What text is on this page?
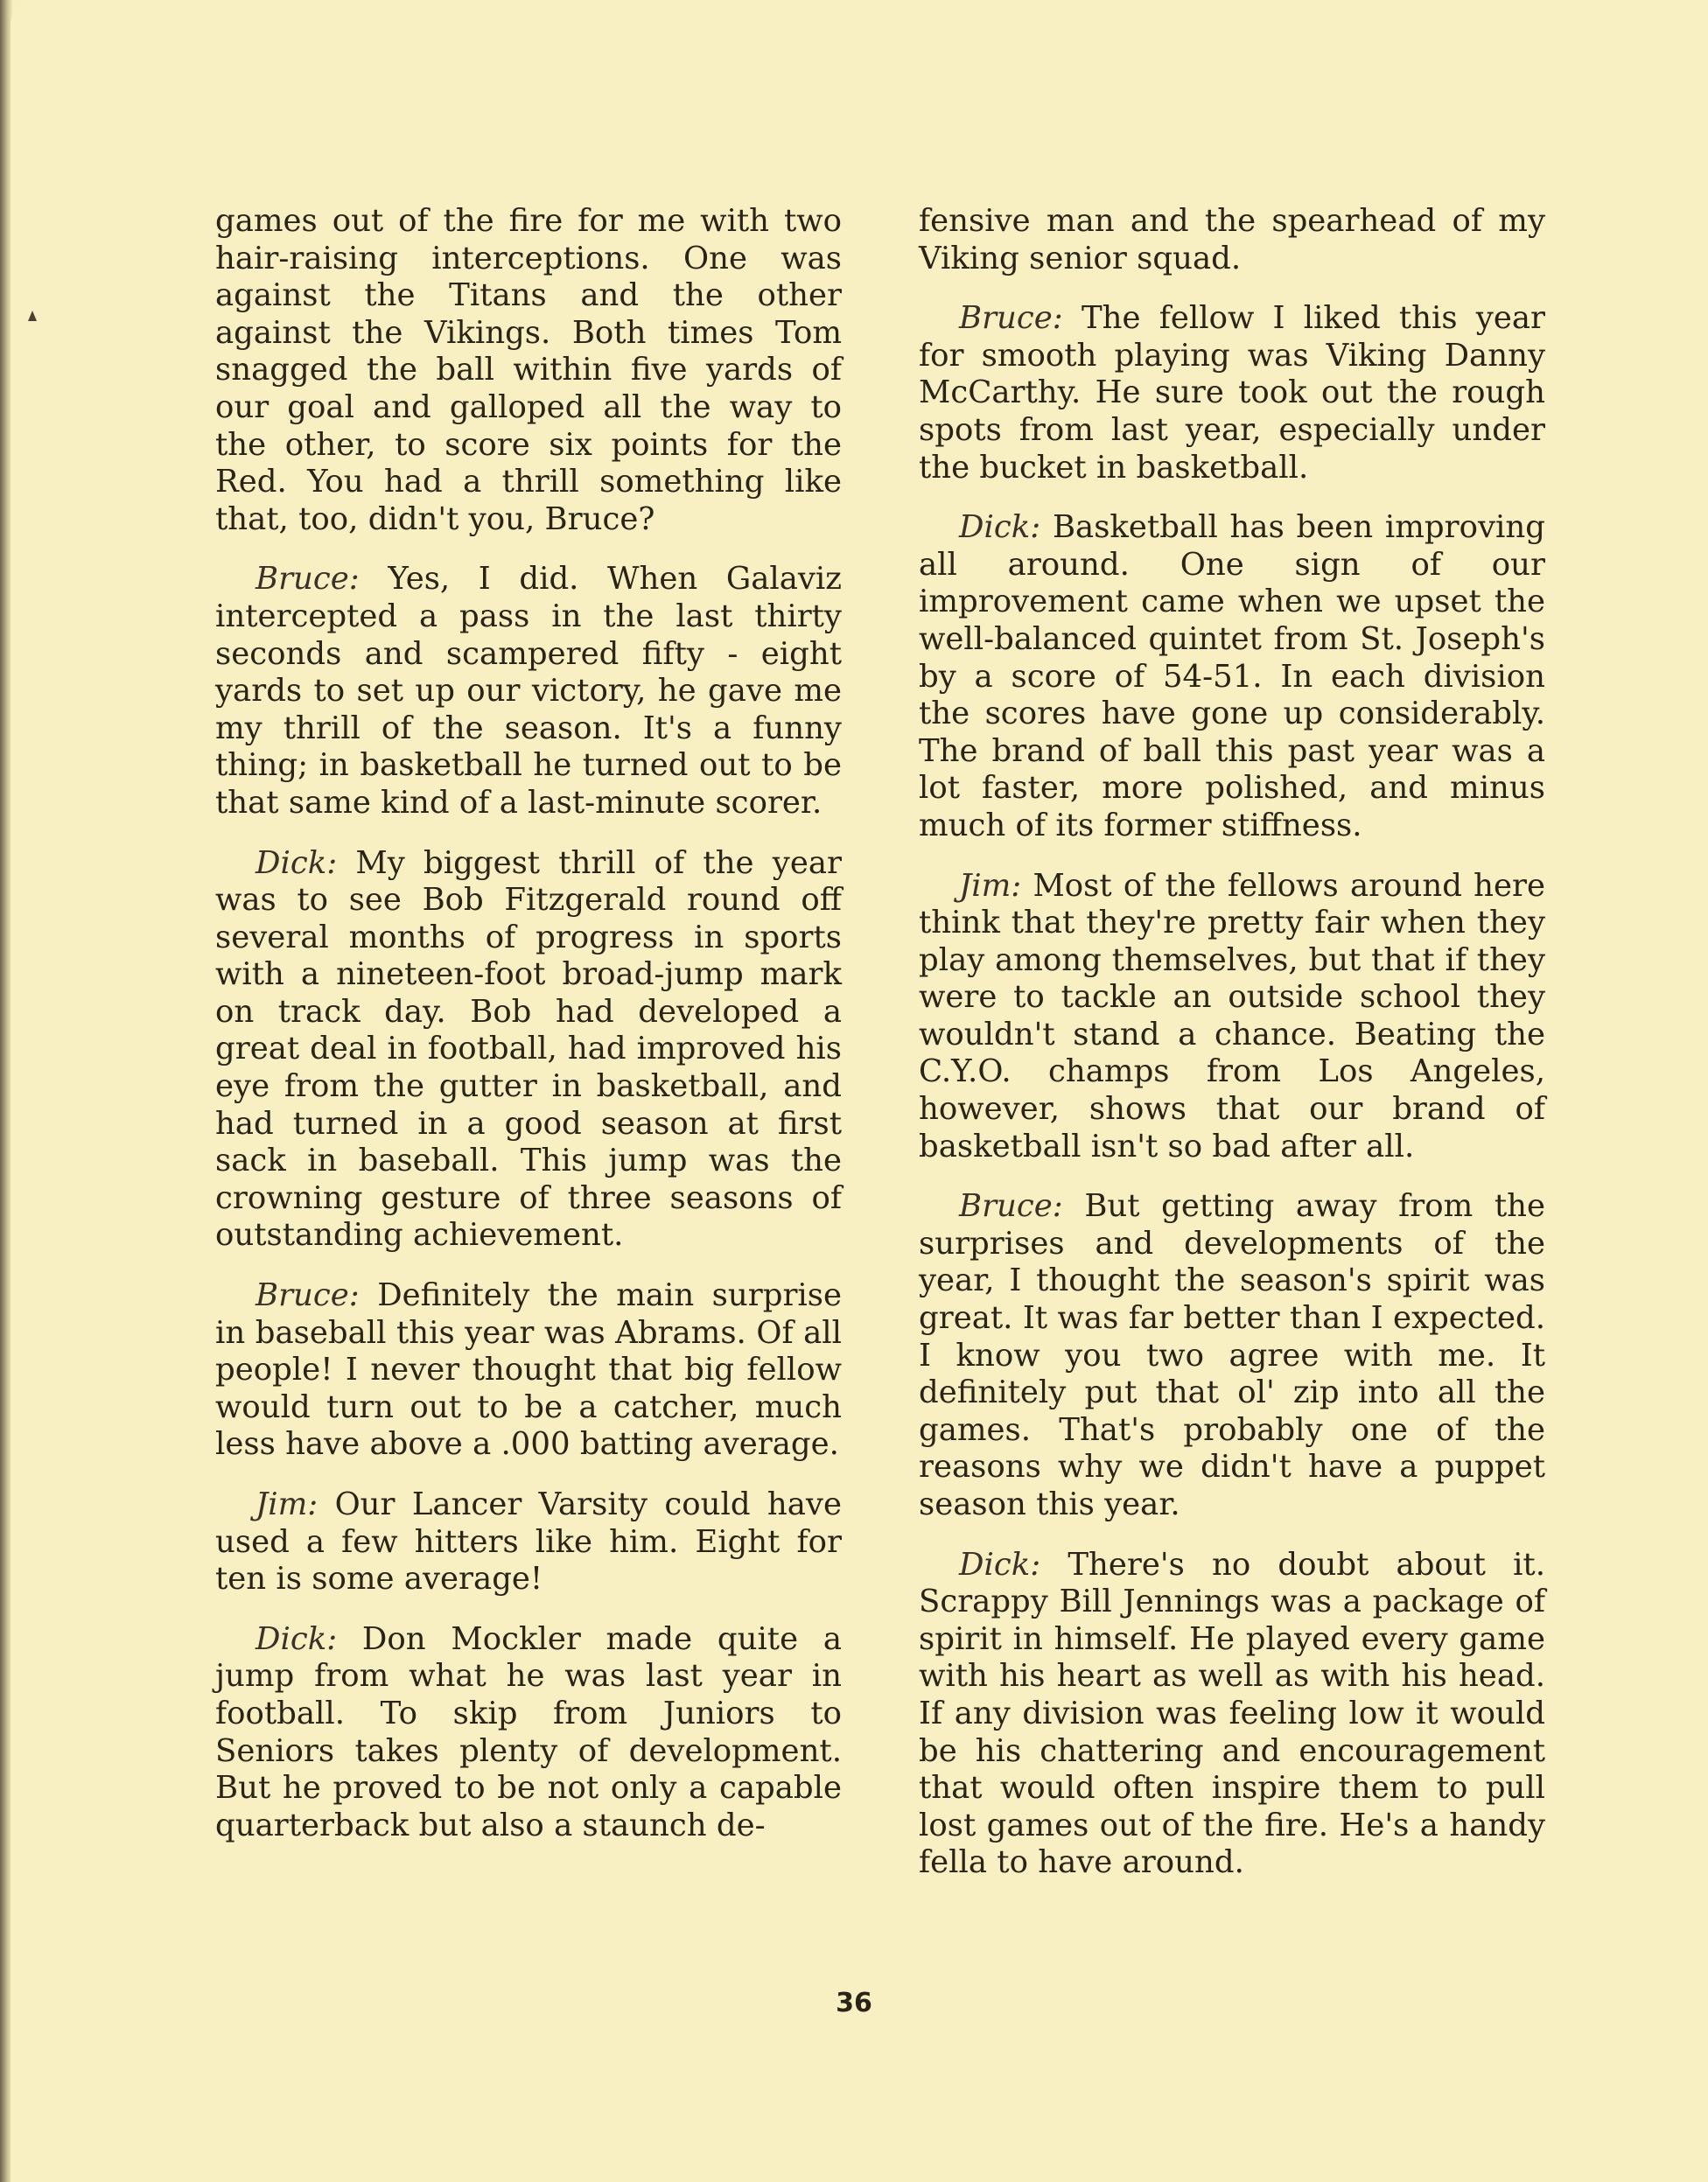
games out of the fire for me with two hair-raising interceptions. One was against the Titans and the other against the Vikings. Both times Tom snagged the ball within five yards of our goal and galloped all the way to the other, to score six points for the Red. You had a thrill something like that, too, didn't you, Bruce?

Bruce: Yes, I did. When Galaviz intercepted a pass in the last thirty seconds and scampered fifty - eight yards to set up our victory, he gave me my thrill of the season. It's a funny thing; in basketball he turned out to be that same kind of a last-minute scorer.

Dick: My biggest thrill of the year was to see Bob Fitzgerald round off several months of progress in sports with a nineteen-foot broad-jump mark on track day. Bob had developed a great deal in football, had improved his eye from the gutter in basketball, and had turned in a good season at first sack in baseball. This jump was the crowning gesture of three seasons of outstanding achievement.

Bruce: Definitely the main surprise in baseball this year was Abrams. Of all people! I never thought that big fellow would turn out to be a catcher, much less have above a .000 batting average.

Jim: Our Lancer Varsity could have used a few hitters like him. Eight for ten is some average!

Dick: Don Mockler made quite a jump from what he was last year in football. To skip from Juniors to Seniors takes plenty of development. But he proved to be not only a capable quarterback but also a staunch de-

fensive man and the spearhead of my Viking senior squad.

Bruce: The fellow I liked this year for smooth playing was Viking Danny McCarthy. He sure took out the rough spots from last year, especially under the bucket in basketball.

Dick: Basketball has been improving all around. One sign of our improvement came when we upset the well-balanced quintet from St. Joseph's by a score of 54-51. In each division the scores have gone up considerably. The brand of ball this past year was a lot faster, more polished, and minus much of its former stiffness.

Jim: Most of the fellows around here think that they're pretty fair when they play among themselves, but that if they were to tackle an outside school they wouldn't stand a chance. Beating the C.Y.O. champs from Los Angeles, however, shows that our brand of basketball isn't so bad after all.

Bruce: But getting away from the surprises and developments of the year, I thought the season's spirit was great. It was far better than I expected. I know you two agree with me. It definitely put that ol' zip into all the games. That's probably one of the reasons why we didn't have a puppet season this year.

Dick: There's no doubt about it. Scrappy Bill Jennings was a package of spirit in himself. He played every game with his heart as well as with his head. If any division was feeling low it would be his chattering and encouragement that would often inspire them to pull lost games out of the fire. He's a handy fella to have around.

36
